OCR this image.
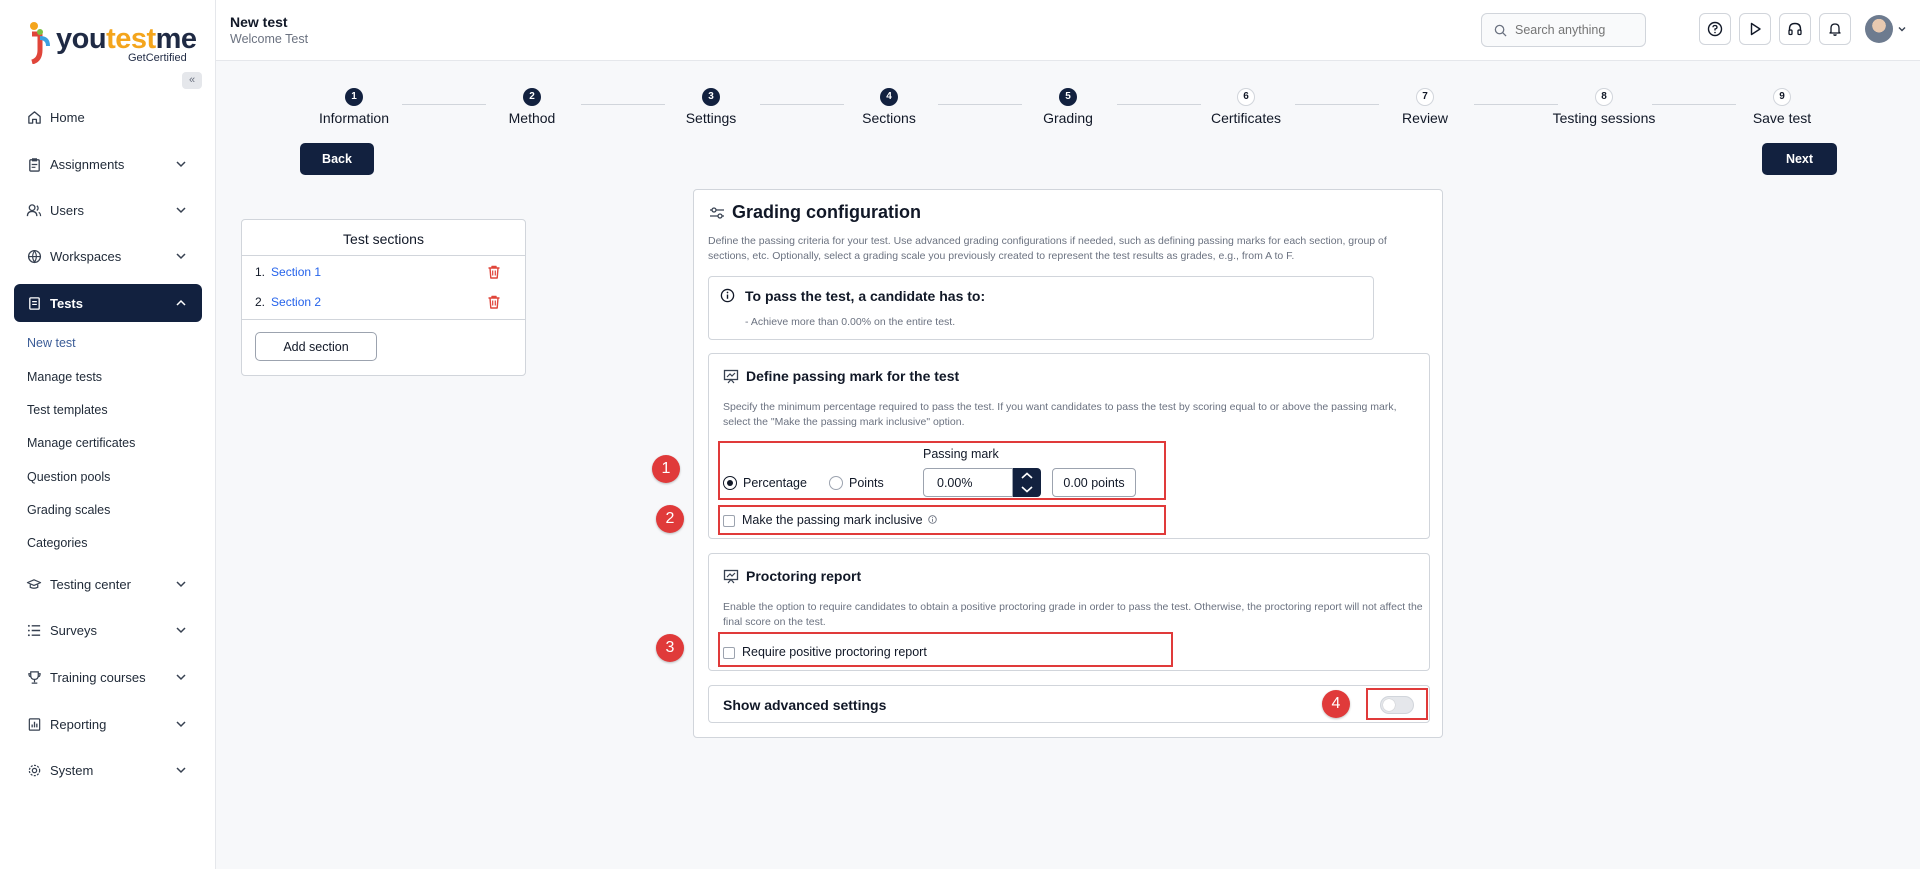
youtestme
GetCertified
«
Home
Assignments
Users
Workspaces
Tests
New test
Manage tests
Test templates
Manage certificates
Question pools
Grading scales
Categories
Testing center
Surveys
Training courses
Reporting
System
New test
Welcome Test
Search anything
1
Information
2
Method
3
Settings
4
Sections
5
Grading
6
Certificates
7
Review
8
Testing sessions
9
Save test
Back	Next
Test sections
1. Section 1
2. Section 2
Add section
Grading configuration
Define the passing criteria for your test. Use advanced grading configurations if needed, such as defining passing marks for each section, group of sections, etc. Optionally, select a grading scale you previously created to represent the test results as grades, e.g., from A to F.
To pass the test, a candidate has to:
- Achieve more than 0.00% on the entire test.
Define passing mark for the test
Specify the minimum percentage required to pass the test. If you want candidates to pass the test by scoring equal to or above the passing mark, select the "Make the passing mark inclusive" option.
Percentage	Points
Passing mark
0.00%
0.00 points
Make the passing mark inclusive
Proctoring report
Enable the option to require candidates to obtain a positive proctoring grade in order to pass the test. Otherwise, the proctoring report will not affect the final score on the test.
Require positive proctoring report
Show advanced settings
1
2
3
4
